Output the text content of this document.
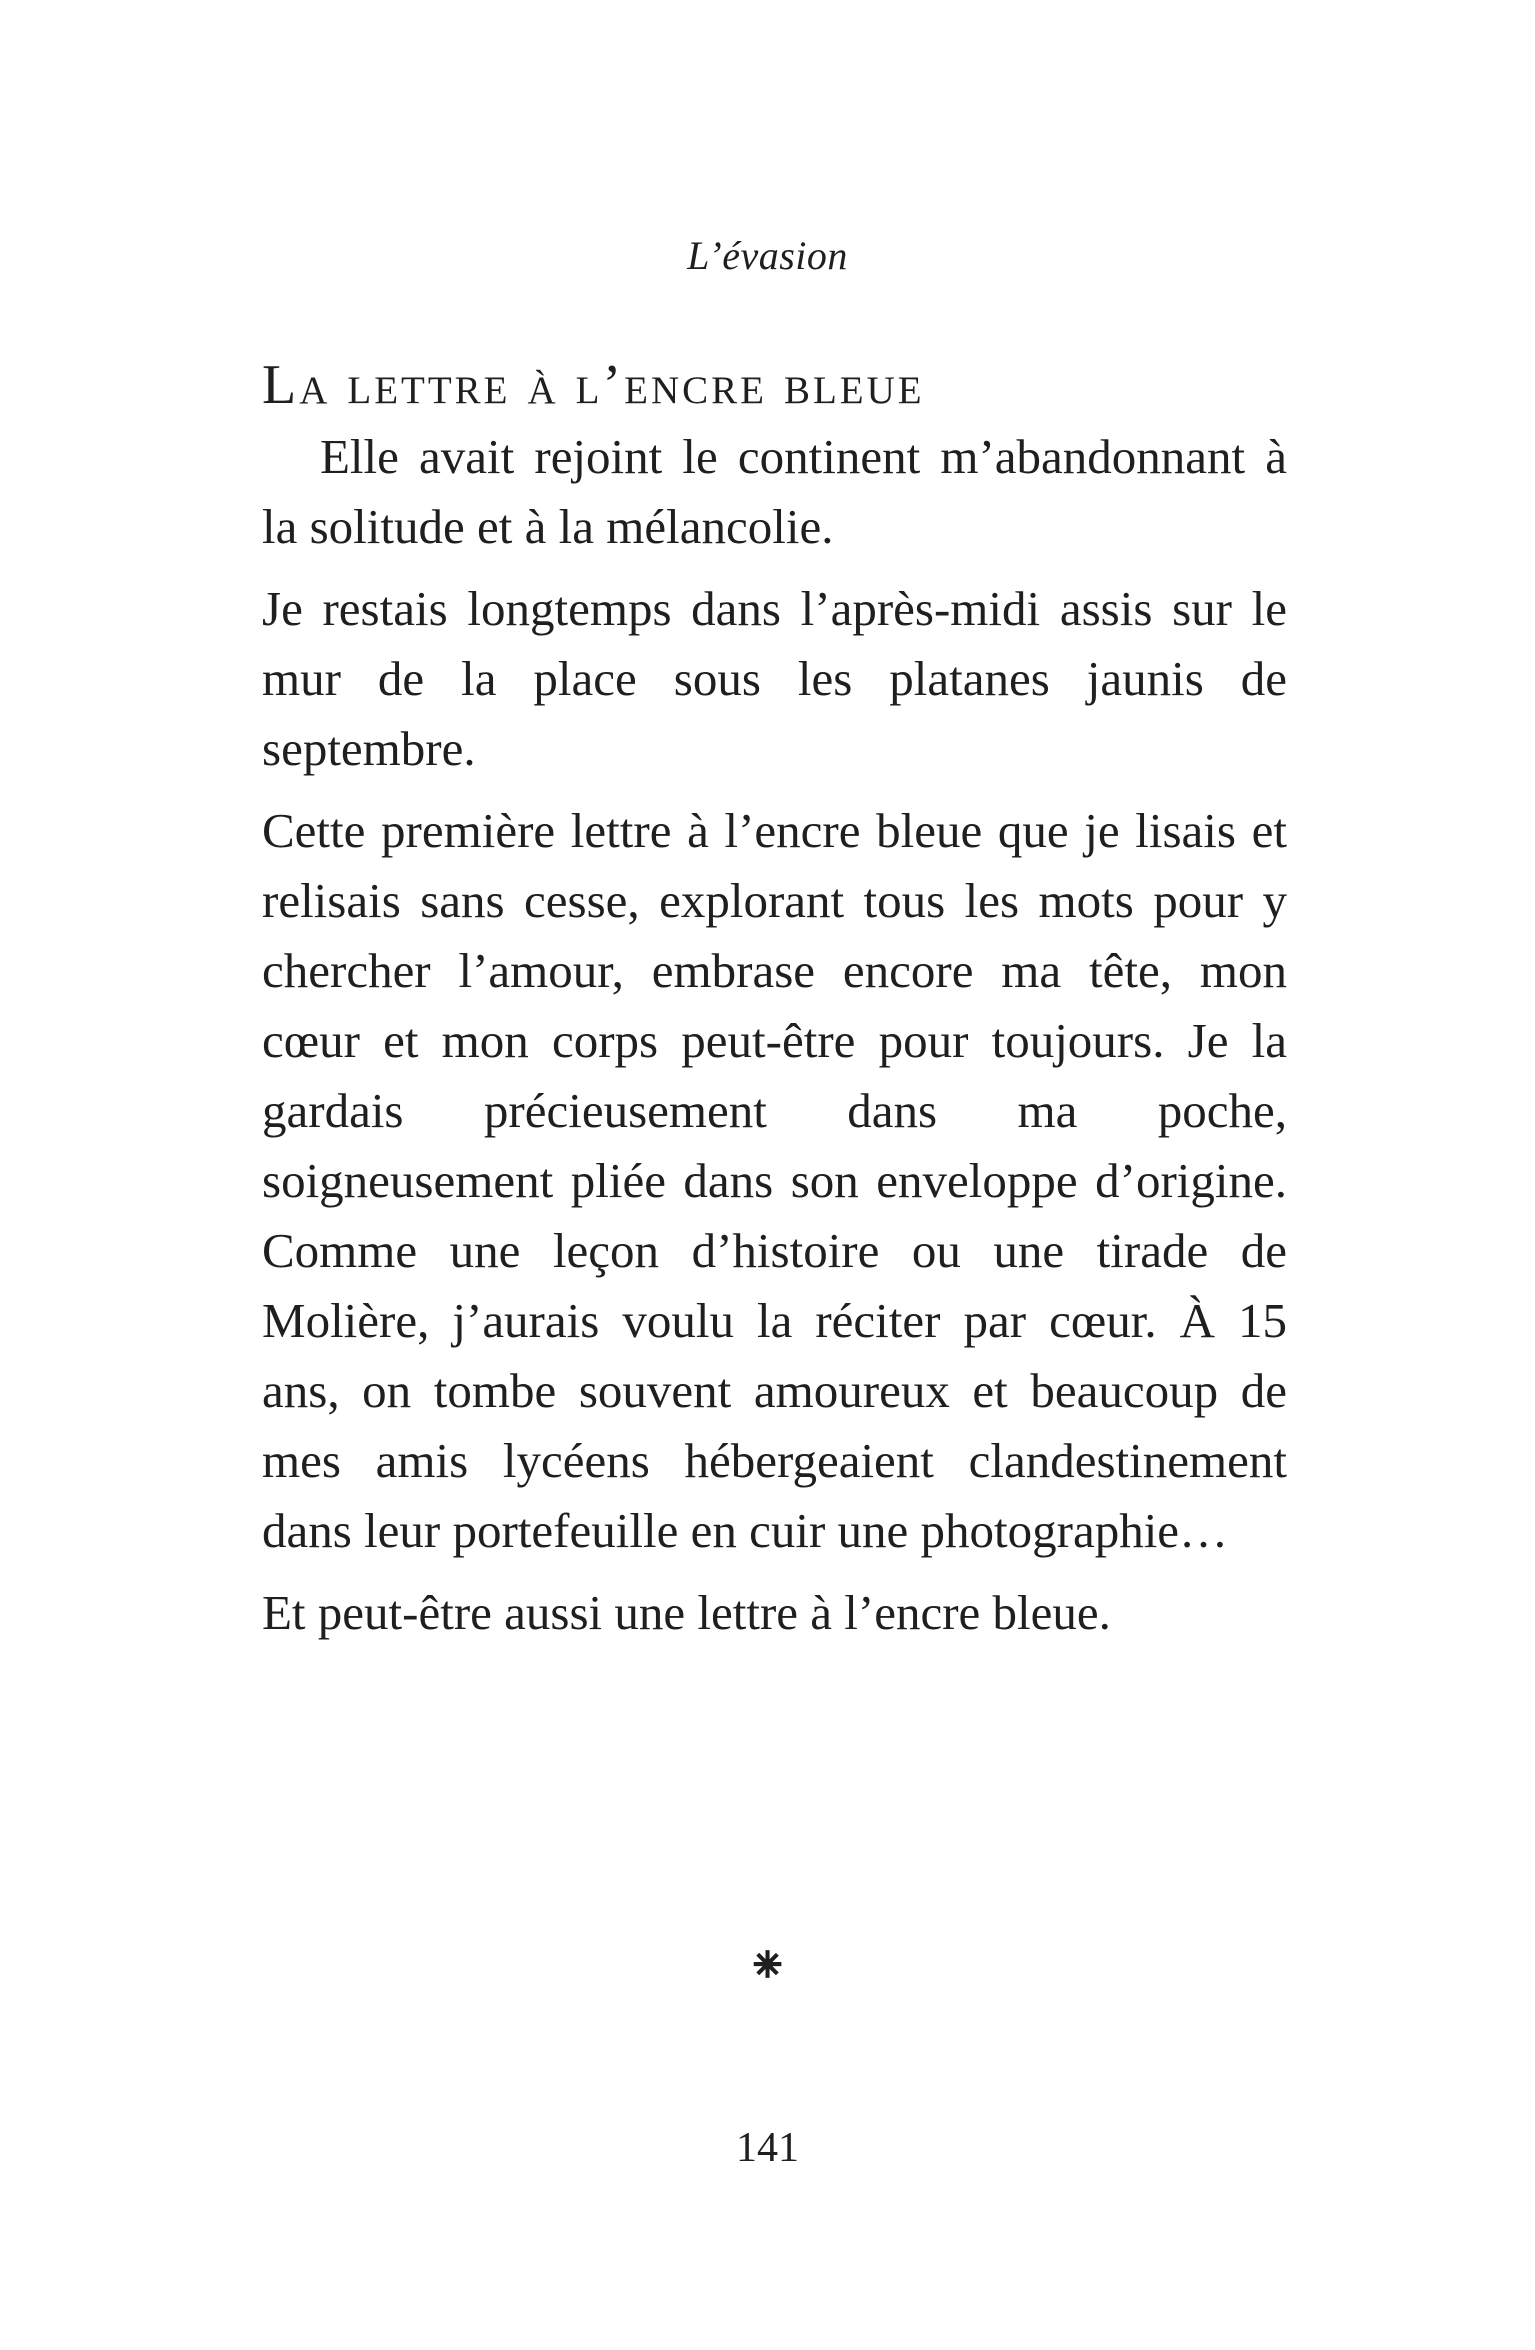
L’évasion
La lettre à l’encre bleue

Elle avait rejoint le continent m’abandonnant à la solitude et à la mélancolie.

Je restais longtemps dans l’après-midi assis sur le mur de la place sous les platanes jaunis de septembre.

Cette première lettre à l’encre bleue que je lisais et relisais sans cesse, explorant tous les mots pour y chercher l’amour, embrase encore ma tête, mon cœur et mon corps peut-être pour toujours. Je la gardais précieusement dans ma poche, soigneusement pliée dans son enveloppe d’origine. Comme une leçon d’histoire ou une tirade de Molière, j’aurais voulu la réciter par cœur. À 15 ans, on tombe souvent amoureux et beaucoup de mes amis lycéens hébergeaient clandestinement dans leur portefeuille en cuir une photographie…

Et peut-être aussi une lettre à l’encre bleue.

⁕
141
